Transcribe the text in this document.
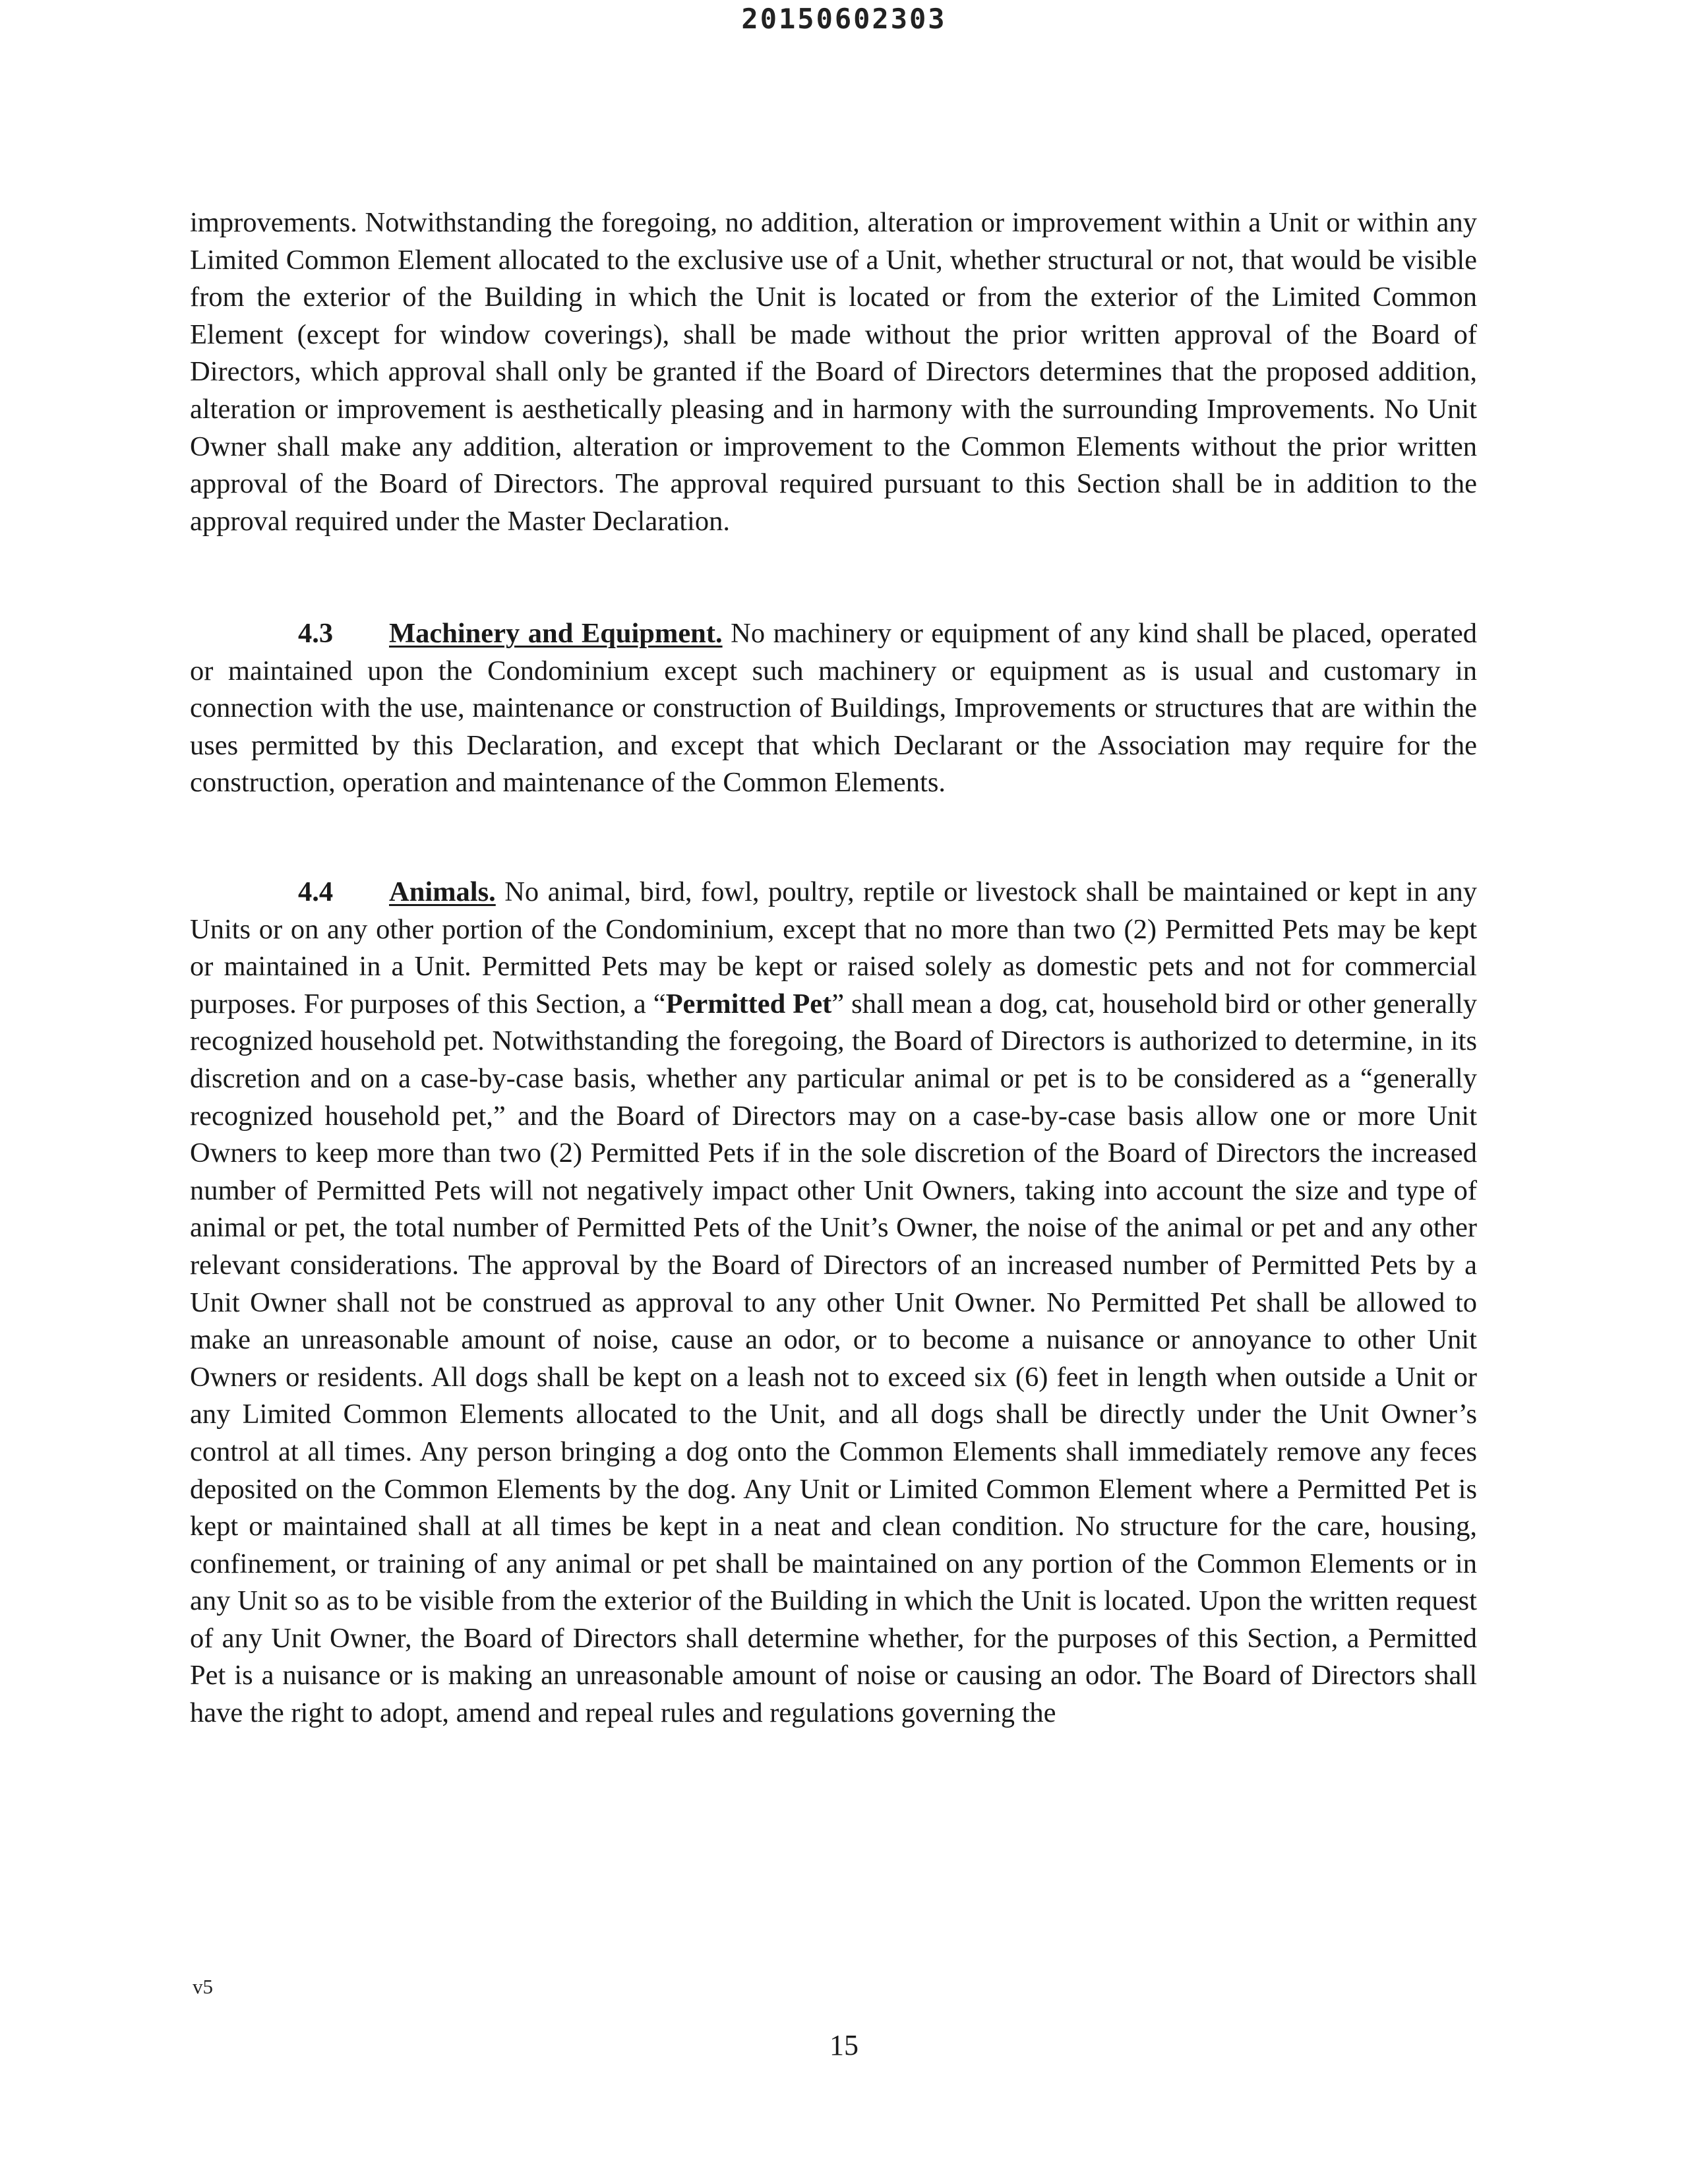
20150602303

improvements. Notwithstanding the foregoing, no addition, alteration or improvement within a Unit or within any Limited Common Element allocated to the exclusive use of a Unit, whether structural or not, that would be visible from the exterior of the Building in which the Unit is located or from the exterior of the Limited Common Element (except for window coverings), shall be made without the prior written approval of the Board of Directors, which approval shall only be granted if the Board of Directors determines that the proposed addition, alteration or improvement is aesthetically pleasing and in harmony with the surrounding Improvements. No Unit Owner shall make any addition, alteration or improvement to the Common Elements without the prior written approval of the Board of Directors. The approval required pursuant to this Section shall be in addition to the approval required under the Master Declaration.

4.3 Machinery and Equipment. No machinery or equipment of any kind shall be placed, operated or maintained upon the Condominium except such machinery or equipment as is usual and customary in connection with the use, maintenance or construction of Buildings, Improvements or structures that are within the uses permitted by this Declaration, and except that which Declarant or the Association may require for the construction, operation and maintenance of the Common Elements.

4.4 Animals. No animal, bird, fowl, poultry, reptile or livestock shall be maintained or kept in any Units or on any other portion of the Condominium, except that no more than two (2) Permitted Pets may be kept or maintained in a Unit. Permitted Pets may be kept or raised solely as domestic pets and not for commercial purposes. For purposes of this Section, a “Permitted Pet” shall mean a dog, cat, household bird or other generally recognized household pet. Notwithstanding the foregoing, the Board of Directors is authorized to determine, in its discretion and on a case-by-case basis, whether any particular animal or pet is to be considered as a “generally recognized household pet,” and the Board of Directors may on a case-by-case basis allow one or more Unit Owners to keep more than two (2) Permitted Pets if in the sole discretion of the Board of Directors the increased number of Permitted Pets will not negatively impact other Unit Owners, taking into account the size and type of animal or pet, the total number of Permitted Pets of the Unit’s Owner, the noise of the animal or pet and any other relevant considerations. The approval by the Board of Directors of an increased number of Permitted Pets by a Unit Owner shall not be construed as approval to any other Unit Owner. No Permitted Pet shall be allowed to make an unreasonable amount of noise, cause an odor, or to become a nuisance or annoyance to other Unit Owners or residents. All dogs shall be kept on a leash not to exceed six (6) feet in length when outside a Unit or any Limited Common Elements allocated to the Unit, and all dogs shall be directly under the Unit Owner’s control at all times. Any person bringing a dog onto the Common Elements shall immediately remove any feces deposited on the Common Elements by the dog. Any Unit or Limited Common Element where a Permitted Pet is kept or maintained shall at all times be kept in a neat and clean condition. No structure for the care, housing, confinement, or training of any animal or pet shall be maintained on any portion of the Common Elements or in any Unit so as to be visible from the exterior of the Building in which the Unit is located. Upon the written request of any Unit Owner, the Board of Directors shall determine whether, for the purposes of this Section, a Permitted Pet is a nuisance or is making an unreasonable amount of noise or causing an odor. The Board of Directors shall have the right to adopt, amend and repeal rules and regulations governing the

v5
15
